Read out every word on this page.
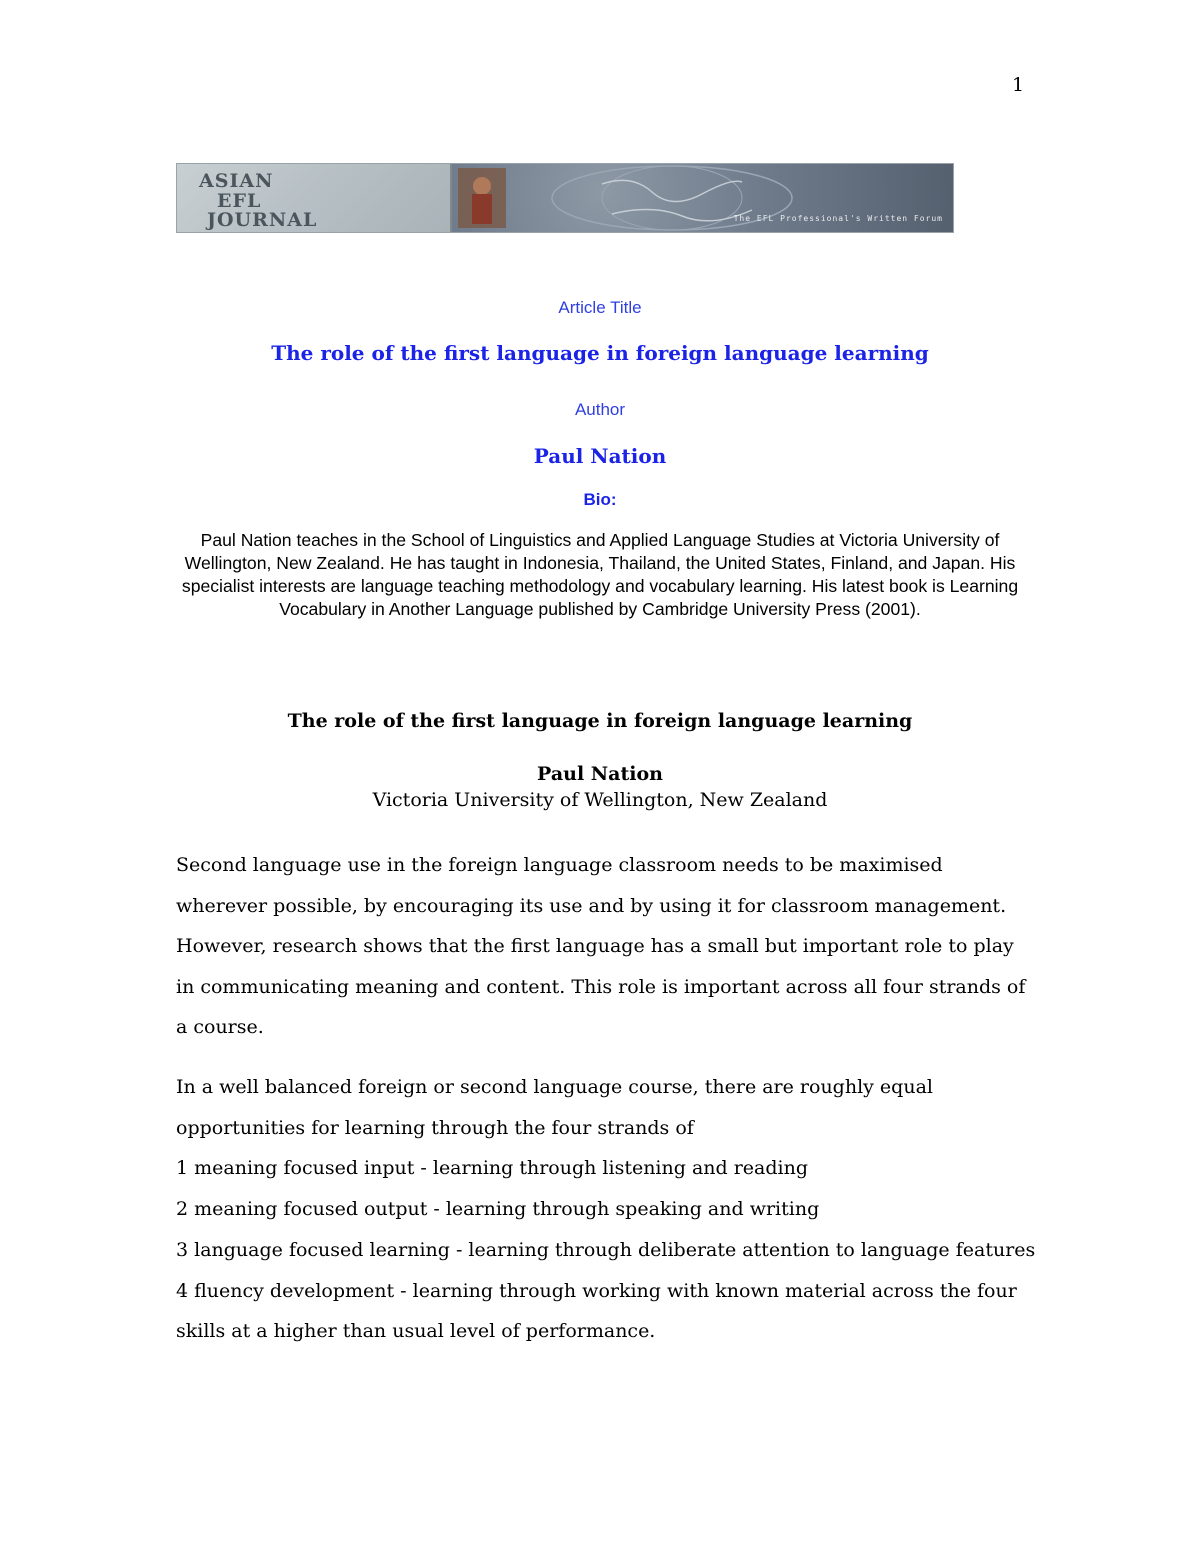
1
ASIAN
EFL
JOURNAL	The EFL Professional's Written Forum
Article Title
The role of the first language in foreign language learning
Author
Paul Nation
Bio:
Paul Nation teaches in the School of Linguistics and Applied Language Studies at Victoria University of Wellington, New Zealand. He has taught in Indonesia, Thailand, the United States, Finland, and Japan. His specialist interests are language teaching methodology and vocabulary learning. His latest book is Learning Vocabulary in Another Language published by Cambridge University Press (2001).
The role of the first language in foreign language learning
Paul Nation
Victoria University of Wellington, New Zealand

Second language use in the foreign language classroom needs to be maximised wherever possible, by encouraging its use and by using it for classroom management. However, research shows that the first language has a small but important role to play in communicating meaning and content. This role is important across all four strands of a course.

In a well balanced foreign or second language course, there are roughly equal opportunities for learning through the four strands of

1 meaning focused input - learning through listening and reading
2 meaning focused output - learning through speaking and writing
3 language focused learning - learning through deliberate attention to language features
4 fluency development - learning through working with known material across the four
skills at a higher than usual level of performance.
